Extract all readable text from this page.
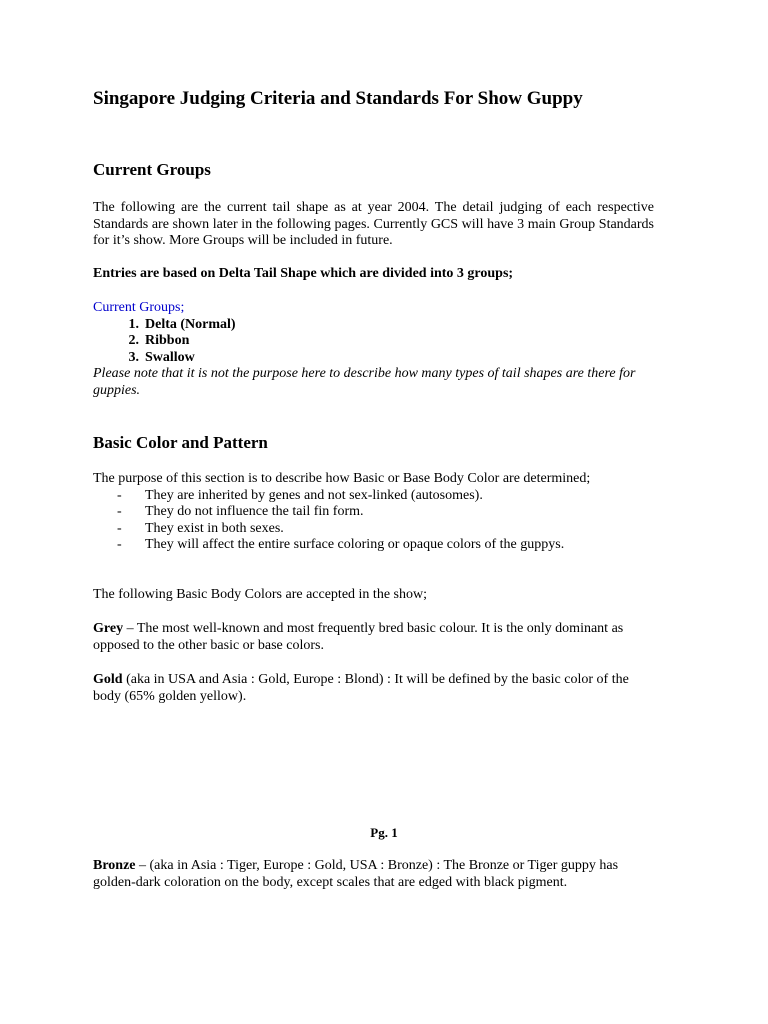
Singapore Judging Criteria and Standards For Show Guppy
Current Groups

The following are the current tail shape as at year 2004. The detail judging of each respective Standards are shown later in the following pages. Currently GCS will have 3 main Group Standards for it’s show. More Groups will be included in future.

Entries are based on Delta Tail Shape which are divided into 3 groups;

Current Groups;
1. Delta (Normal)
2. Ribbon
3. Swallow
Please note that it is not the purpose here to describe how many types of tail shapes are there for guppies.
Basic Color and Pattern
The purpose of this section is to describe how Basic or Base Body Color are determined;
-	They are inherited by genes and not sex-linked (autosomes).
-	They do not influence the tail fin form.
-	They exist in both sexes.
-	They will affect the entire surface coloring or opaque colors of the guppys.

The following Basic Body Colors are accepted in the show;

Grey – The most well-known and most frequently bred basic colour. It is the only dominant as opposed to the other basic or base colors.

Gold (aka in USA and Asia : Gold, Europe : Blond) : It will be defined by the basic color of the body (65% golden yellow).

Pg. 1

Bronze – (aka in Asia : Tiger, Europe : Gold, USA : Bronze) : The Bronze or Tiger guppy has golden-dark coloration on the body, except scales that are edged with black pigment.
